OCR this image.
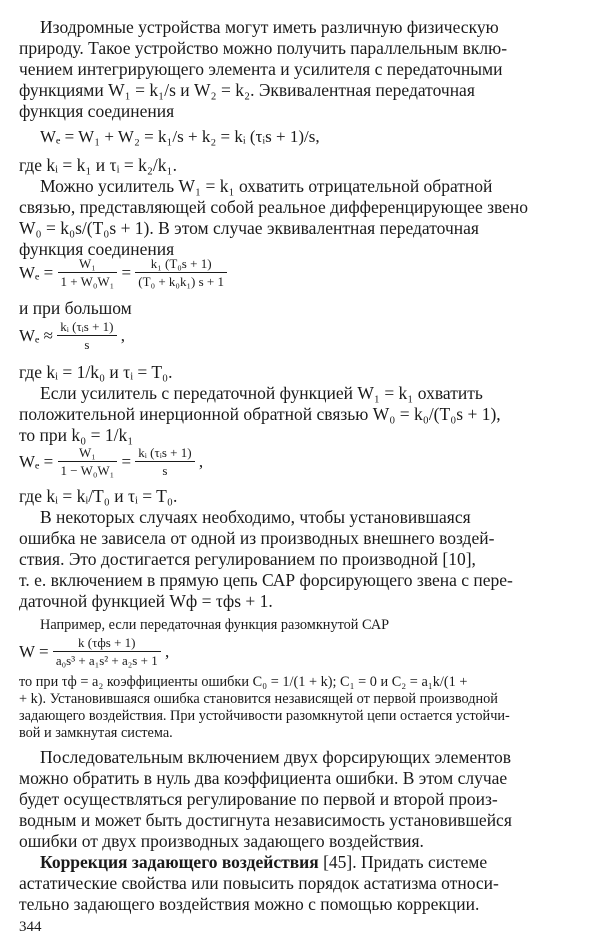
Изодромные устройства могут иметь различную физическую

природу. Такое устройство можно получить параллельным вклю-

чением интегрирующего элемента и усилителя с передаточными

функциями W₁ = k₁/s и W₂ = k₂. Эквивалентная передаточная

функция соединения

Wₑ = W₁ + W₂ = k₁/s + k₂ = kᵢ (τᵢs + 1)/s,

где kᵢ = k₁ и τᵢ = k₂/k₁.

Можно усилитель W₁ = k₁ охватить отрицательной обратной

связью, представляющей собой реальное дифференцирующее звено

W₀ = k₀s/(T₀s + 1). В этом случае эквивалентная передаточная

функция соединения

$W_e = \frac{\text{W₁}}{\text{1 + W₀W₁}} = \frac{\text{k₁ (T₀s + 1)}}{\text{(T₀ + k₀k₁) s + 1}}$

и при большом

$W_e \approx \frac{\text{kᵢ (τᵢs + 1)}}{s}$ ,

где kᵢ = 1/k₀ и τᵢ = T₀.

Если усилитель с передаточной функцией W₁ = k₁ охватить

положительной инерционной обратной связью W₀ = k₀/(T₀s + 1),

то при k₀ = 1/k₁

$W_e = \frac{\text{W₁}}{\text{1 − W₀W₁}} = \frac{\text{kᵢ (τᵢs + 1)}}{s}$ ,

где kᵢ = kᵢ/T₀ и τᵢ = T₀.

В некоторых случаях необходимо, чтобы установившаяся

ошибка не зависела от одной из производных внешнего воздей-

ствия. Это достигается регулированием по производной [10],

т. е. включением в прямую цепь САР форсирующего звена с пере-

даточной функцией Wф = τфs + 1.

Например, если передаточная функция разомкнутой САР

$W = \frac{\text{k (τфs + 1)}}{\text{a₀s³ + a₁s² + a₂s + 1}}$ ,

то при τф = a₂ коэффициенты ошибки C₀ = 1/(1 + k); C₁ = 0 и C₂ = a₁k/(1 +

+ k). Установившаяся ошибка становится независящей от первой производной

задающего воздействия. При устойчивости разомкнутой цепи остается устойчи-

вой и замкнутая система.

Последовательным включением двух форсирующих элементов

можно обратить в нуль два коэффициента ошибки. В этом случае

будет осуществляться регулирование по первой и второй произ-

водным и может быть достигнута независимость установившейся

ошибки от двух производных задающего воздействия.

Коррекция задающего воздействия [45]. Придать системе

астатические свойства или повысить порядок астатизма относи-

тельно задающего воздействия можно с помощью коррекции.

344
